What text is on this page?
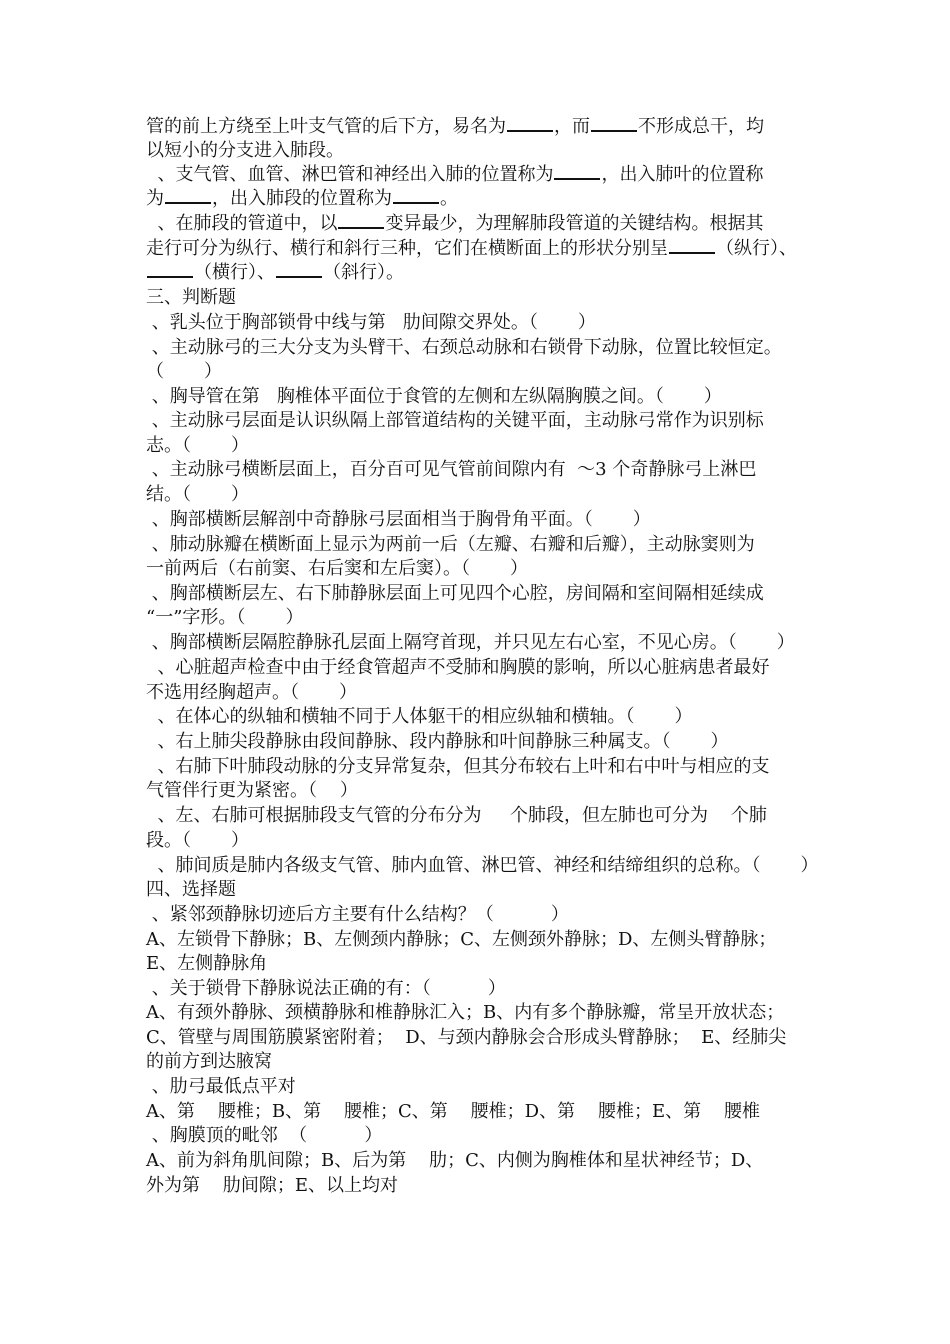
管的前上方绕至上叶支气管的后下方，易名为	，而	不形成总干，均
以短小的分支进入肺段。
、支气管、血管、淋巴管和神经出入肺的位置称为	，出入肺叶的位置称
为	，出入肺段的位置称为	。
、在肺段的管道中，以	变异最少，为理解肺段管道的关键结构。根据其
走行可分为纵行、横行和斜行三种，它们在横断面上的形状分别呈	（纵行）、
（横行）、	（斜行）。
三、判断题
、乳头位于胸部锁骨中线与第   肋间隙交界处。（       ）
、主动脉弓的三大分支为头臂干、右颈总动脉和右锁骨下动脉，位置比较恒定。
（       ）
、胸导管在第   胸椎体平面位于食管的左侧和左纵隔胸膜之间。（       ）
、主动脉弓层面是认识纵隔上部管道结构的关键平面，主动脉弓常作为识别标
志。（       ）
、主动脉弓横断层面上，百分百可见气管前间隙内有  ～3 个奇静脉弓上淋巴
结。（       ）
、胸部横断层解剖中奇静脉弓层面相当于胸骨角平面。（       ）
、肺动脉瓣在横断面上显示为两前一后（左瓣、右瓣和后瓣），主动脉窦则为
一前两后（右前窦、右后窦和左后窦）。（       ）
、胸部横断层左、右下肺静脉层面上可见四个心腔，房间隔和室间隔相延续成
“一”字形。（       ）
、胸部横断层隔腔静脉孔层面上隔穹首现，并只见左右心室，不见心房。（       ）
、心脏超声检查中由于经食管超声不受肺和胸膜的影响，所以心脏病患者最好
不选用经胸超声。（       ）
、在体心的纵轴和横轴不同于人体躯干的相应纵轴和横轴。（       ）
、右上肺尖段静脉由段间静脉、段内静脉和叶间静脉三种属支。（       ）
、右肺下叶肺段动脉的分支异常复杂，但其分布较右上叶和右中叶与相应的支
气管伴行更为紧密。（    ）
、左、右肺可根据肺段支气管的分布分为     个肺段，但左肺也可分为    个肺
段。（       ）
、肺间质是肺内各级支气管、肺内血管、淋巴管、神经和结缔组织的总称。（       ）
四、选择题
、紧邻颈静脉切迹后方主要有什么结构？（          ）
A、左锁骨下静脉；B、左侧颈内静脉；C、左侧颈外静脉；D、左侧头臂静脉；
E、左侧静脉角
、关于锁骨下静脉说法正确的有：（          ）
A、有颈外静脉、颈横静脉和椎静脉汇入；B、内有多个静脉瓣，常呈开放状态；
C、管壁与周围筋膜紧密附着；  D、与颈内静脉会合形成头臂静脉；  E、经肺尖
的前方到达腋窝
、肋弓最低点平对
A、第    腰椎；B、第    腰椎；C、第    腰椎；D、第    腰椎；E、第    腰椎
、胸膜顶的毗邻  （          ）
A、前为斜角肌间隙；B、后为第    肋；C、内侧为胸椎体和星状神经节；D、
外为第    肋间隙；E、以上均对
